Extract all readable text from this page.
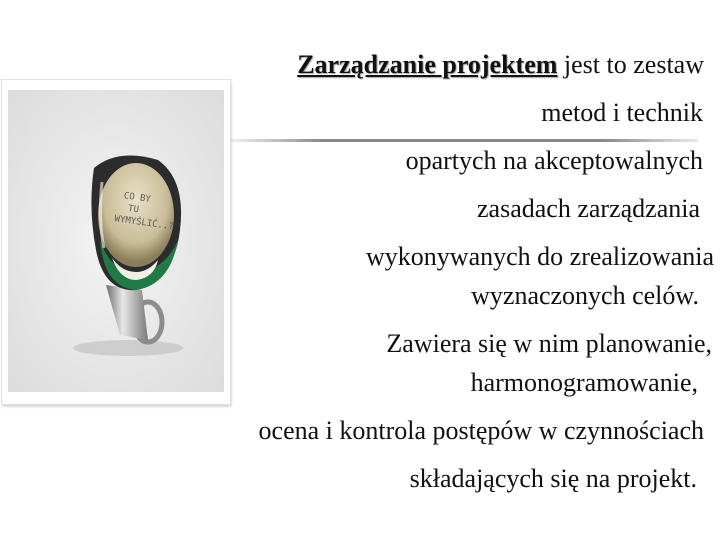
CO BY
TU
WYMYŚLIĆ..?
Zarządzanie projektem jest to zestaw
metod i technik
opartych na akceptowalnych
zasadach zarządzania
wykonywanych do zrealizowania
wyznaczonych celów.
Zawiera się w nim planowanie,
harmonogramowanie,
ocena i kontrola postępów w czynnościach
składających się na projekt.
